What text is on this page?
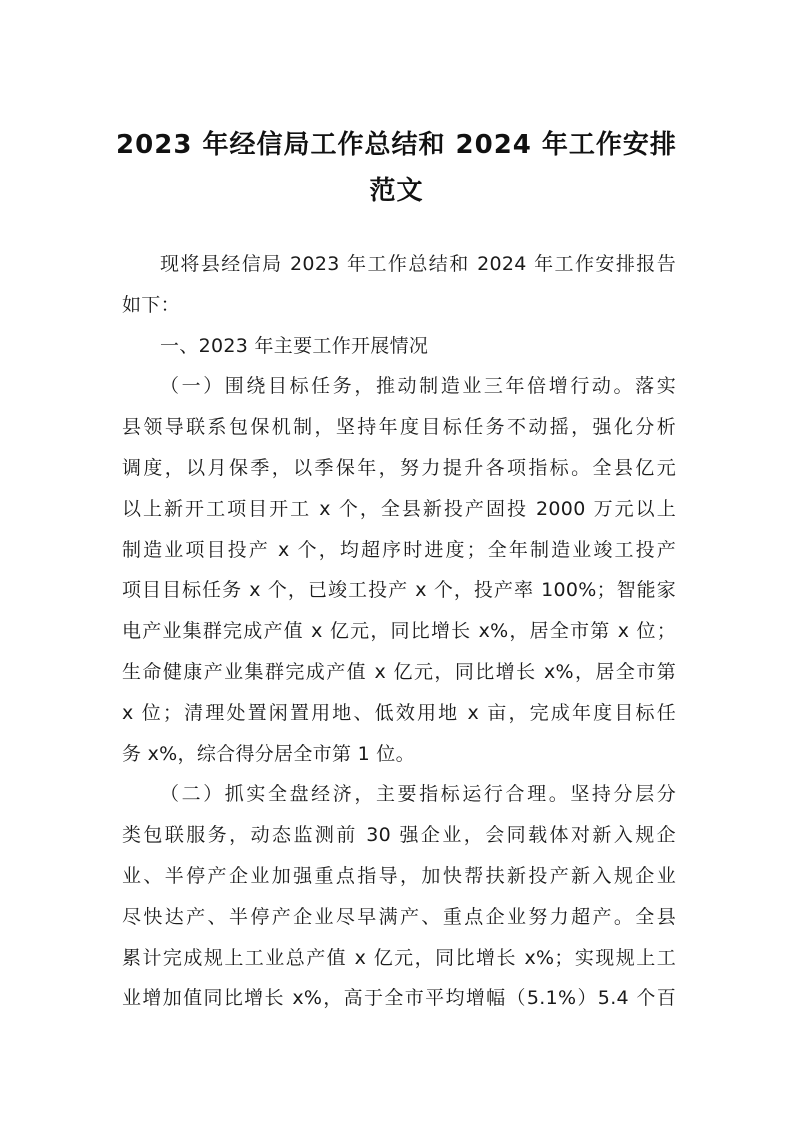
2023 年经信局工作总结和 2024 年工作安排
范文

现将县经信局 2023 年工作总结和 2024 年工作安排报告
如下：

一、2023 年主要工作开展情况

（一）围绕目标任务，推动制造业三年倍增行动。落实
县领导联系包保机制，坚持年度目标任务不动摇，强化分析
调度，以月保季，以季保年，努力提升各项指标。全县亿元
以上新开工项目开工 x 个，全县新投产固投 2000 万元以上
制造业项目投产 x 个，均超序时进度；全年制造业竣工投产
项目目标任务 x 个，已竣工投产 x 个，投产率 100%；智能家
电产业集群完成产值 x 亿元，同比增长 x%，居全市第 x 位；
生命健康产业集群完成产值 x 亿元，同比增长 x%，居全市第
x 位；清理处置闲置用地、低效用地 x 亩，完成年度目标任
务 x%，综合得分居全市第 1 位。

（二）抓实全盘经济，主要指标运行合理。坚持分层分
类包联服务，动态监测前 30 强企业，会同载体对新入规企
业、半停产企业加强重点指导，加快帮扶新投产新入规企业
尽快达产、半停产企业尽早满产、重点企业努力超产。全县
累计完成规上工业总产值 x 亿元，同比增长 x%；实现规上工
业增加值同比增长 x%，高于全市平均增幅（5.1%）5.4 个百
